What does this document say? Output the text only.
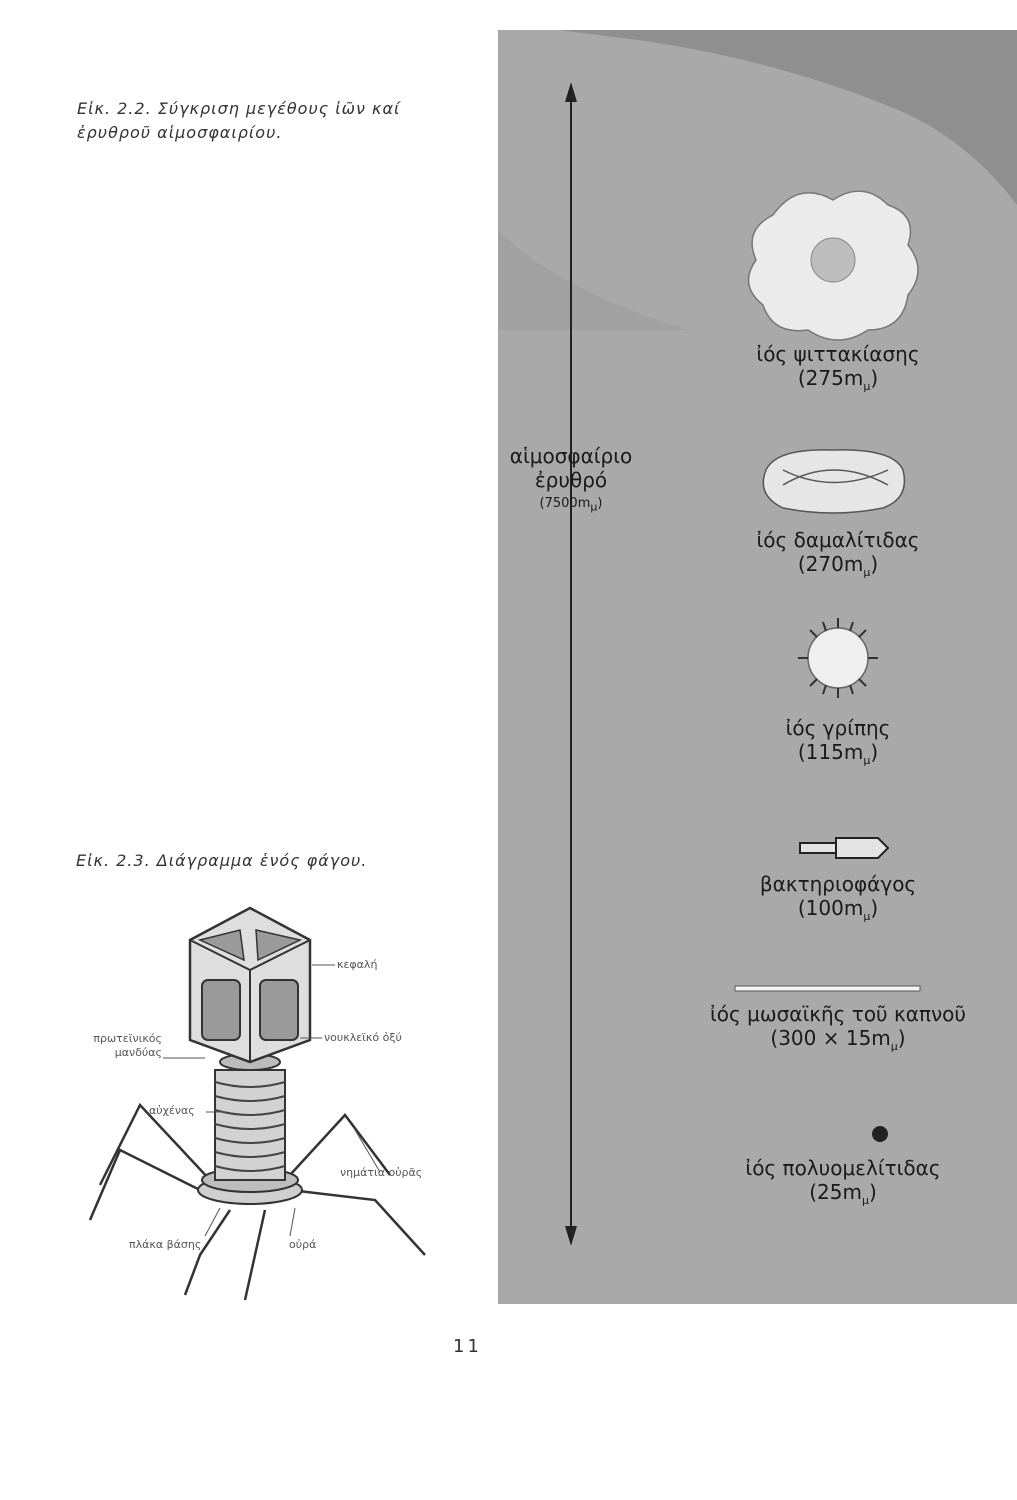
Εἰκ. 2.2. Σύγκριση μεγέθους ἰῶν καί
ἐρυθροῦ αἱμοσφαιρίου.
Εἰκ. 2.3. Διάγραμμα ἑνός φάγου.
αἱμοσφαίριο
ἐρυθρό
$(7500m_\mu)$
ἰός ψιττακίασης
$(275m_\mu)$
ἰός δαμαλίτιδας
$(270m_\mu)$
ἰός γρίπης
$(115m_\mu)$
βακτηριοφάγος
$(100m_\mu)$
ἰός μωσαϊκῆς τοῦ καπνοῦ
$(300 \times 15m_\mu)$
ἰός πολυομελίτιδας
$(25m_\mu)$
κεφαλή
νουκλεϊκό ὀξύ
πρωτεϊνικός
μανδύας
αὐχένας
νημάτια οὐρᾶς
πλάκα βάσης	οὐρά
11
